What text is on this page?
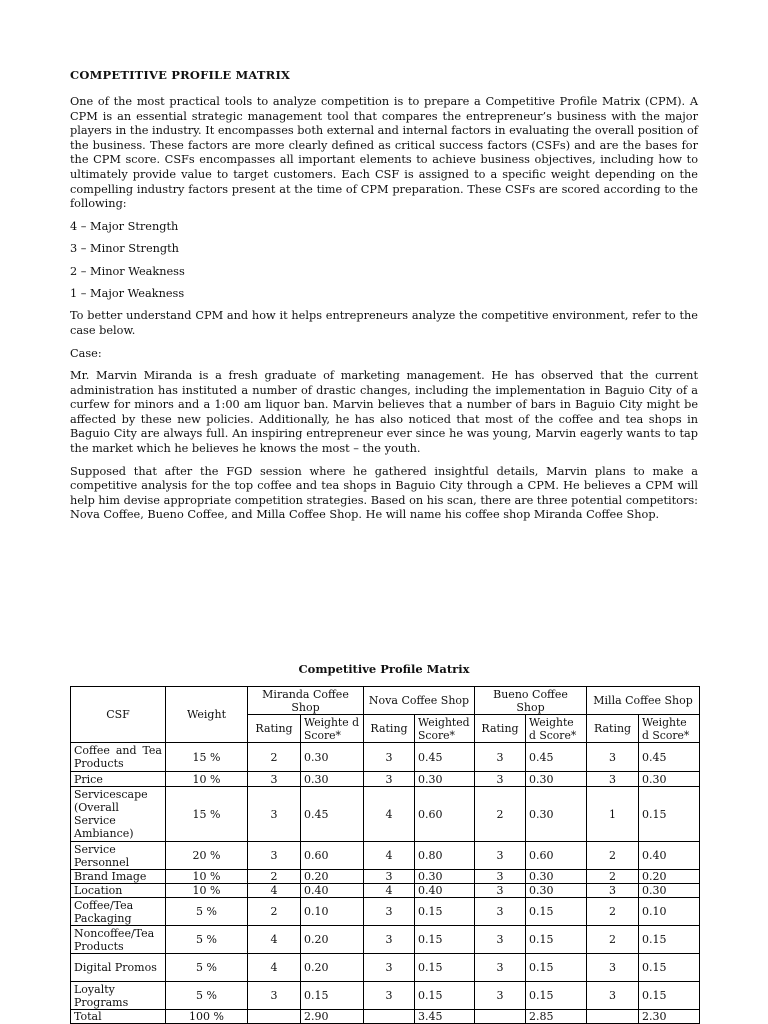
COMPETITIVE PROFILE MATRIX

One of the most practical tools to analyze competition is to prepare a Competitive Profile Matrix (CPM). A CPM is an essential strategic management tool that compares the entrepreneur’s business with the major players in the industry. It encompasses both external and internal factors in evaluating the overall position of the business. These factors are more clearly defined as critical success factors (CSFs) and are the bases for the CPM score. CSFs encompasses all important elements to achieve business objectives, including how to ultimately provide value to target customers. Each CSF is assigned to a specific weight depending on the compelling industry factors present at the time of CPM preparation. These CSFs are scored according to the following:

4 – Major Strength
3 – Minor Strength
2 – Minor Weakness
1 – Major Weakness

To better understand CPM and how it helps entrepreneurs analyze the competitive environment, refer to the case below.

Case:

Mr. Marvin Miranda is a fresh graduate of marketing management. He has observed that the current administration has instituted a number of drastic changes, including the implementation in Baguio City of a curfew for minors and a 1:00 am liquor ban. Marvin believes that a number of bars in Baguio City might be affected by these new policies. Additionally, he has also noticed that most of the coffee and tea shops in Baguio City are always full. An inspiring entrepreneur ever since he was young, Marvin eagerly wants to tap the market which he believes he knows the most – the youth.

Supposed that after the FGD session where he gathered insightful details, Marvin plans to make a competitive analysis for the top coffee and tea shops in Baguio City through a CPM. He believes a CPM will help him devise appropriate competition strategies. Based on his scan, there are three potential competitors: Nova Coffee, Bueno Coffee, and Milla Coffee Shop. He will name his coffee shop Miranda Coffee Shop.

Competitive Profile Matrix
CSF	Weight	Miranda Coffee Shop		Nova Coffee Shop		Bueno Coffee Shop		Milla Coffee Shop	
		Rating	Weighte d Score*	Rating	Weighted Score*	Rating	Weighte d Score*	Rating	Weighte d Score*
Coffee and Tea Products	15 %	2	0.30	3	0.45	3	0.45	3	0.45
Price	10 %	3	0.30	3	0.30	3	0.30	3	0.30
Servicescape (Overall Service Ambiance)	15 %	3	0.45	4	0.60	2	0.30	1	0.15
Service Personnel	20 %	3	0.60	4	0.80	3	0.60	2	0.40
Brand Image	10 %	2	0.20	3	0.30	3	0.30	2	0.20
Location	10 %	4	0.40	4	0.40	3	0.30	3	0.30
Coffee/Tea Packaging	5 %	2	0.10	3	0.15	3	0.15	2	0.10
Noncoffee/Tea Products	5 %	4	0.20	3	0.15	3	0.15	2	0.15
Digital Promos	5 %	4	0.20	3	0.15	3	0.15	3	0.15
Loyalty Programs	5 %	3	0.15	3	0.15	3	0.15	3	0.15
Total	100 %		2.90		3.45		2.85		2.30
